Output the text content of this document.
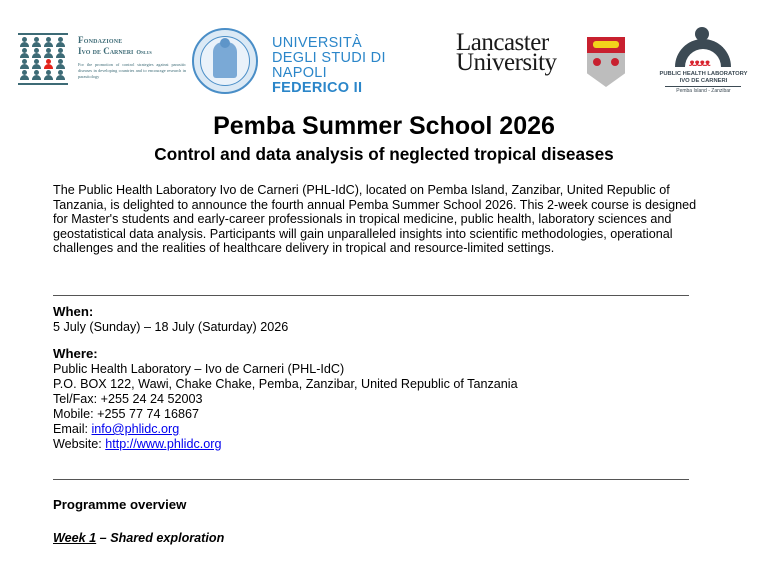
Fondazione
Ivo de Carneri Onlus
For the promotion of control strategies against parasitic diseases in developing countries and to encourage research in parasitology
UNIVERSITÀ
DEGLI STUDI DI NAPOLI
FEDERICO II
Lancaster
University	ᴥᴥᴥᴥ
PUBLIC HEALTH LABORATORY
IVO DE CARNERI
Pemba Island - Zanzibar
Pemba Summer School 2026
Control and data analysis of neglected tropical diseases

The Public Health Laboratory Ivo de Carneri (PHL-IdC), located on Pemba Island, Zanzibar, United Republic of Tanzania, is delighted to announce the fourth annual Pemba Summer School 2026. This 2-week course is designed for Master's students and early-career professionals in tropical medicine, public health, laboratory sciences and geostatistical data analysis. Participants will gain unparalleled insights into scientific methodologies, operational challenges and the realities of healthcare delivery in tropical and resource-limited settings.

When:
5 July (Sunday) – 18 July (Saturday) 2026
Where:
Public Health Laboratory – Ivo de Carneri (PHL-IdC)
P.O. BOX 122, Wawi, Chake Chake, Pemba, Zanzibar, United Republic of Tanzania
Tel/Fax: +255 24 24 52003
Mobile: +255 77 74 16867
Email: info@phlidc.org
Website: http://www.phlidc.org
Programme overview
Week 1 – Shared exploration
